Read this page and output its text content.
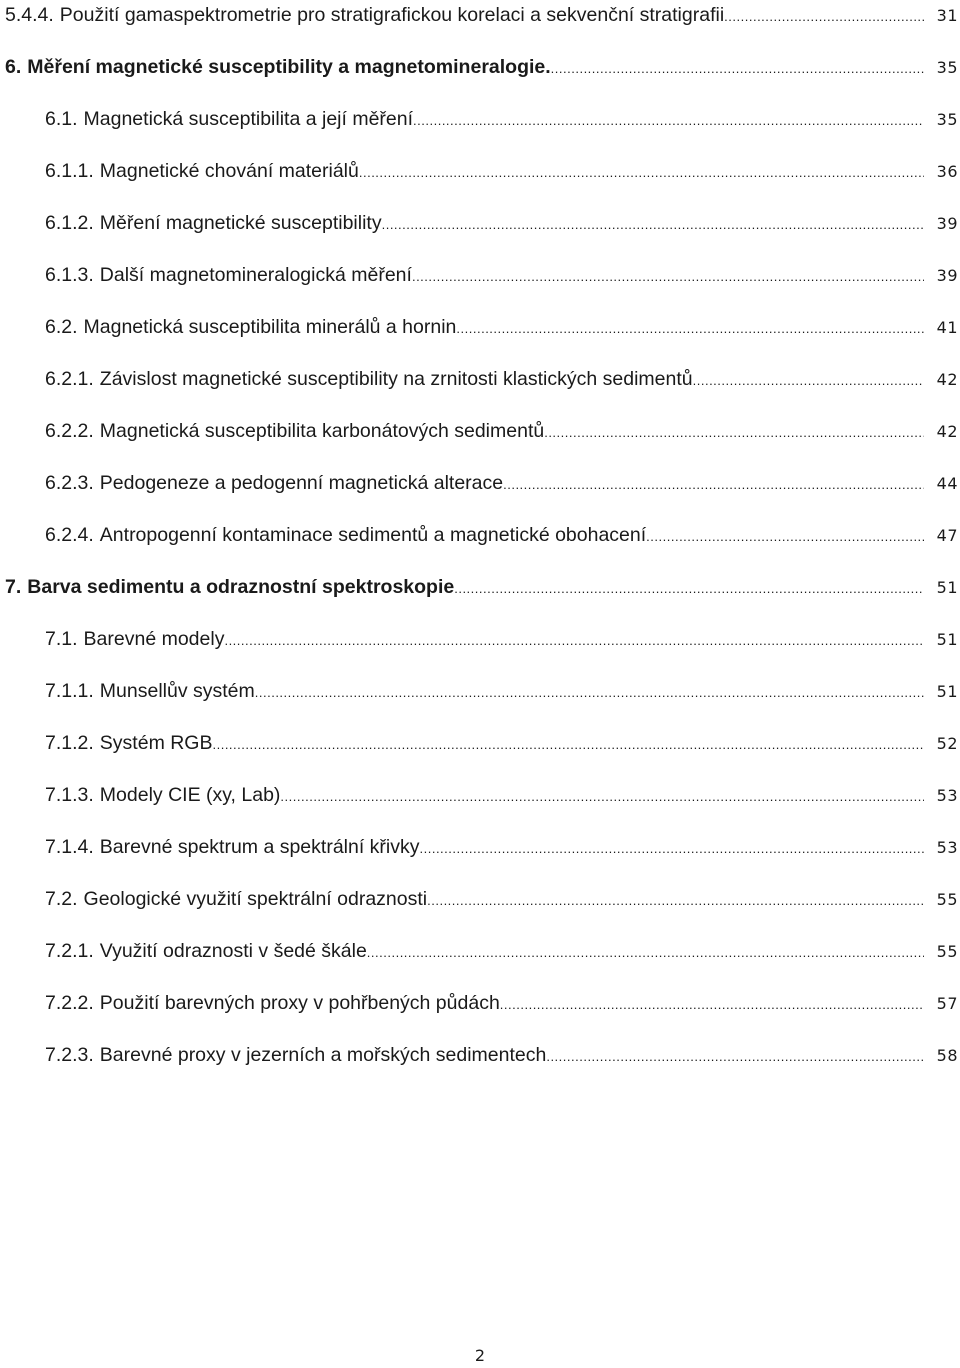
5.4.4. Použití gamaspektrometrie pro stratigrafickou korelaci a sekvenční stratigrafii .....	31
6. Měření magnetické susceptibility a magnetomineralogie. .....	35
6.1. Magnetická susceptibilita a její měření .....	35
6.1.1. Magnetické chování materiálů .....	36
6.1.2. Měření magnetické susceptibility .....	39
6.1.3. Další magnetomineralogická měření .....	39
6.2. Magnetická susceptibilita minerálů a hornin .....	41
6.2.1. Závislost magnetické susceptibility na zrnitosti klastických sedimentů .....	42
6.2.2. Magnetická susceptibilita karbonátových sedimentů .....	42
6.2.3. Pedogeneze a pedogenní magnetická alterace .....	44
6.2.4. Antropogenní kontaminace sedimentů a magnetické obohacení .....	47
7. Barva sedimentu a odraznostní spektroskopie .....	51
7.1. Barevné modely .....	51
7.1.1. Munsellův systém .....	51
7.1.2. Systém RGB .....	52
7.1.3. Modely CIE (xy, Lab) .....	53
7.1.4. Barevné spektrum a spektrální křivky .....	53
7.2. Geologické využití spektrální odraznosti .....	55
7.2.1. Využití odraznosti v šedé škále .....	55
7.2.2. Použití barevných proxy v pohřbených půdách .....	57
7.2.3. Barevné proxy v jezerních a mořských sedimentech .....	58
2
